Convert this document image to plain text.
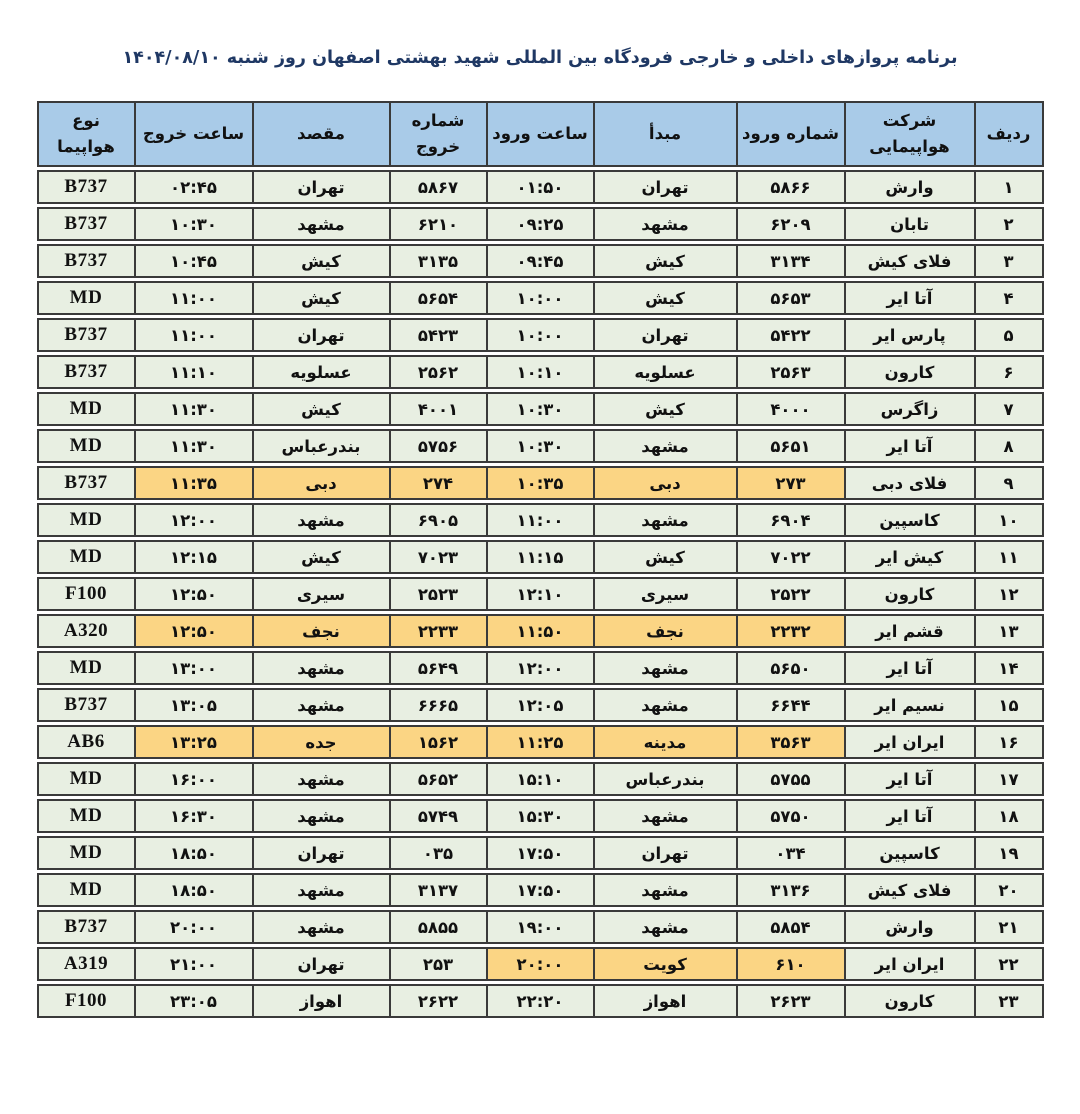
برنامه پروازهای داخلی و خارجی فرودگاه بین المللی شهید بهشتی اصفهان روز شنبه ۱۴۰۴/۰۸/۱۰
ردیف	شرکت هواپیمایی	شماره ورود	مبدأ	ساعت ورود	شماره خروج	مقصد	ساعت خروج	نوع هواپیما
۱	وارش	۵۸۶۶	تهران	۰۱:۵۰	۵۸۶۷	تهران	۰۲:۴۵	B737
۲	تابان	۶۲۰۹	مشهد	۰۹:۲۵	۶۲۱۰	مشهد	۱۰:۳۰	B737
۳	فلای کیش	۳۱۳۴	کیش	۰۹:۴۵	۳۱۳۵	کیش	۱۰:۴۵	B737
۴	آتا ایر	۵۶۵۳	کیش	۱۰:۰۰	۵۶۵۴	کیش	۱۱:۰۰	MD
۵	پارس ایر	۵۴۲۲	تهران	۱۰:۰۰	۵۴۲۳	تهران	۱۱:۰۰	B737
۶	کارون	۲۵۶۳	عسلویه	۱۰:۱۰	۲۵۶۲	عسلویه	۱۱:۱۰	B737
۷	زاگرس	۴۰۰۰	کیش	۱۰:۳۰	۴۰۰۱	کیش	۱۱:۳۰	MD
۸	آتا ایر	۵۶۵۱	مشهد	۱۰:۳۰	۵۷۵۶	بندرعباس	۱۱:۳۰	MD
۹	فلای دبی	۲۷۳	دبی	۱۰:۳۵	۲۷۴	دبی	۱۱:۳۵	B737
۱۰	کاسپین	۶۹۰۴	مشهد	۱۱:۰۰	۶۹۰۵	مشهد	۱۲:۰۰	MD
۱۱	کیش ایر	۷۰۲۲	کیش	۱۱:۱۵	۷۰۲۳	کیش	۱۲:۱۵	MD
۱۲	کارون	۲۵۲۲	سیری	۱۲:۱۰	۲۵۲۳	سیری	۱۲:۵۰	F100
۱۳	قشم ایر	۲۲۳۲	نجف	۱۱:۵۰	۲۲۳۳	نجف	۱۲:۵۰	A320
۱۴	آتا ایر	۵۶۵۰	مشهد	۱۲:۰۰	۵۶۴۹	مشهد	۱۳:۰۰	MD
۱۵	نسیم ایر	۶۶۴۴	مشهد	۱۲:۰۵	۶۶۶۵	مشهد	۱۳:۰۵	B737
۱۶	ایران ایر	۳۵۶۳	مدینه	۱۱:۲۵	۱۵۶۲	جده	۱۳:۲۵	AB6
۱۷	آتا ایر	۵۷۵۵	بندرعباس	۱۵:۱۰	۵۶۵۲	مشهد	۱۶:۰۰	MD
۱۸	آتا ایر	۵۷۵۰	مشهد	۱۵:۳۰	۵۷۴۹	مشهد	۱۶:۳۰	MD
۱۹	کاسپین	۰۳۴	تهران	۱۷:۵۰	۰۳۵	تهران	۱۸:۵۰	MD
۲۰	فلای کیش	۳۱۳۶	مشهد	۱۷:۵۰	۳۱۳۷	مشهد	۱۸:۵۰	MD
۲۱	وارش	۵۸۵۴	مشهد	۱۹:۰۰	۵۸۵۵	مشهد	۲۰:۰۰	B737
۲۲	ایران ایر	۶۱۰	کویت	۲۰:۰۰	۲۵۳	تهران	۲۱:۰۰	A319
۲۳	کارون	۲۶۲۳	اهواز	۲۲:۲۰	۲۶۲۲	اهواز	۲۳:۰۵	F100
